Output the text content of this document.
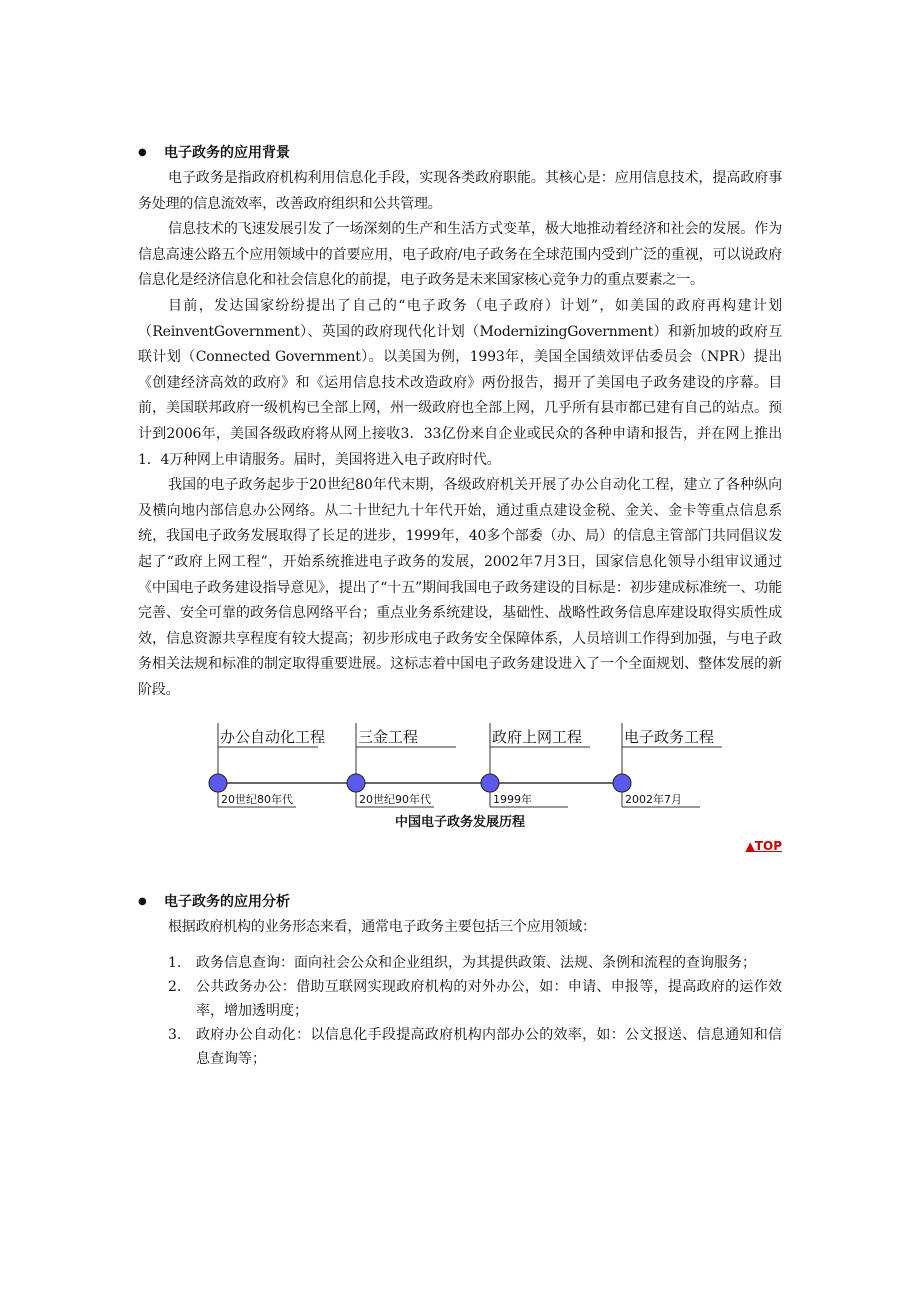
● 电子政务的应用背景

电子政务是指政府机构利用信息化手段，实现各类政府职能。其核心是：应用信息技术，提高政府事务处理的信息流效率，改善政府组织和公共管理。

信息技术的飞速发展引发了一场深刻的生产和生活方式变革，极大地推动着经济和社会的发展。作为信息高速公路五个应用领域中的首要应用，电子政府/电子政务在全球范围内受到广泛的重视，可以说政府信息化是经济信息化和社会信息化的前提，电子政务是未来国家核心竞争力的重点要素之一。

目前，发达国家纷纷提出了自己的“电子政务（电子政府）计划”，如美国的政府再构建计划（ReinventGovernment）、英国的政府现代化计划（ModernizingGovernment）和新加坡的政府互联计划（Connected Government）。以美国为例，1993年，美国全国绩效评估委员会（NPR）提出《创建经济高效的政府》和《运用信息技术改造政府》两份报告，揭开了美国电子政务建设的序幕。目前，美国联邦政府一级机构已全部上网，州一级政府也全部上网，几乎所有县市都已建有自己的站点。预计到2006年，美国各级政府将从网上接收3．33亿份来自企业或民众的各种申请和报告，并在网上推出1．4万种网上申请服务。届时，美国将进入电子政府时代。

我国的电子政务起步于20世纪80年代末期，各级政府机关开展了办公自动化工程，建立了各种纵向及横向地内部信息办公网络。从二十世纪九十年代开始，通过重点建设金税、金关、金卡等重点信息系统，我国电子政务发展取得了长足的进步，1999年，40多个部委（办、局）的信息主管部门共同倡议发起了“政府上网工程”，开始系统推进电子政务的发展，2002年7月3日，国家信息化领导小组审议通过《中国电子政务建设指导意见》，提出了“十五”期间我国电子政务建设的目标是：初步建成标准统一、功能完善、安全可靠的政务信息网络平台；重点业务系统建设，基础性、战略性政务信息库建设取得实质性成效，信息资源共享程度有较大提高；初步形成电子政务安全保障体系，人员培训工作得到加强，与电子政务相关法规和标准的制定取得重要进展。这标志着中国电子政务建设进入了一个全面规划、整体发展的新阶段。

办公自动化工程
20世纪80年代
三金工程
20世纪90年代
政府上网工程
1999年
电子政务工程
2002年7月
中国电子政务发展历程
▲TOP
● 电子政务的应用分析

根据政府机构的业务形态来看，通常电子政务主要包括三个应用领域：

1. 政务信息查询：面向社会公众和企业组织，为其提供政策、法规、条例和流程的查询服务；
2. 公共政务办公：借助互联网实现政府机构的对外办公，如：申请、申报等，提高政府的运作效率，增加透明度；
3. 政府办公自动化：以信息化手段提高政府机构内部办公的效率，如：公文报送、信息通知和信息查询等；
